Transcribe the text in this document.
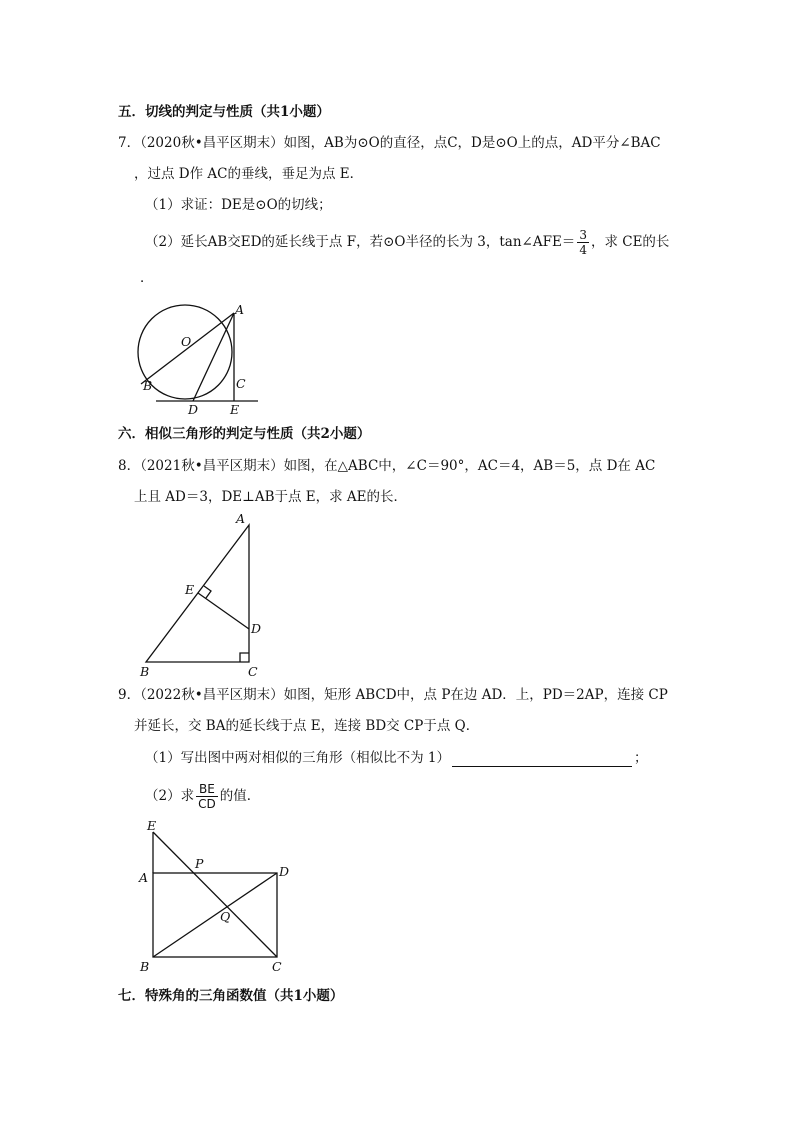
五．切线的判定与性质（共1小题）
7．（2020秋•昌平区期末）如图，AB为⊙O的直径，点C，D是⊙O上的点，AD平分∠BAC
，过点 D作 AC的垂线，垂足为点 E．
（1）求证：DE是⊙O的切线；
（2）延长AB交ED的延长线于点 F，若⊙O半径的长为 3，tan∠AFE＝ $\frac{3}{4}$ ，求 CE的长
．
A
O
B	C
D	E
六．相似三角形的判定与性质（共2小题）
8．（2021秋•昌平区期末）如图，在△ABC中，∠C＝90°，AC＝4，AB＝5，点 D在 AC
上且 AD＝3，DE⊥AB于点 E，求 AE的长．
A
E
D
B	C
9．（2022秋•昌平区期末）如图，矩形 ABCD中，点 P在边 AD．上，PD＝2AP，连接 CP
并延长，交 BA的延长线于点 E，连接 BD交 CP于点 Q．
（1）写出图中两对相似的三角形（相似比不为 1）	；
（2）求 $\frac{BE}{CD}$ 的值．
E
P
A	D
Q
B	C
七．特殊角的三角函数值（共1小题）
